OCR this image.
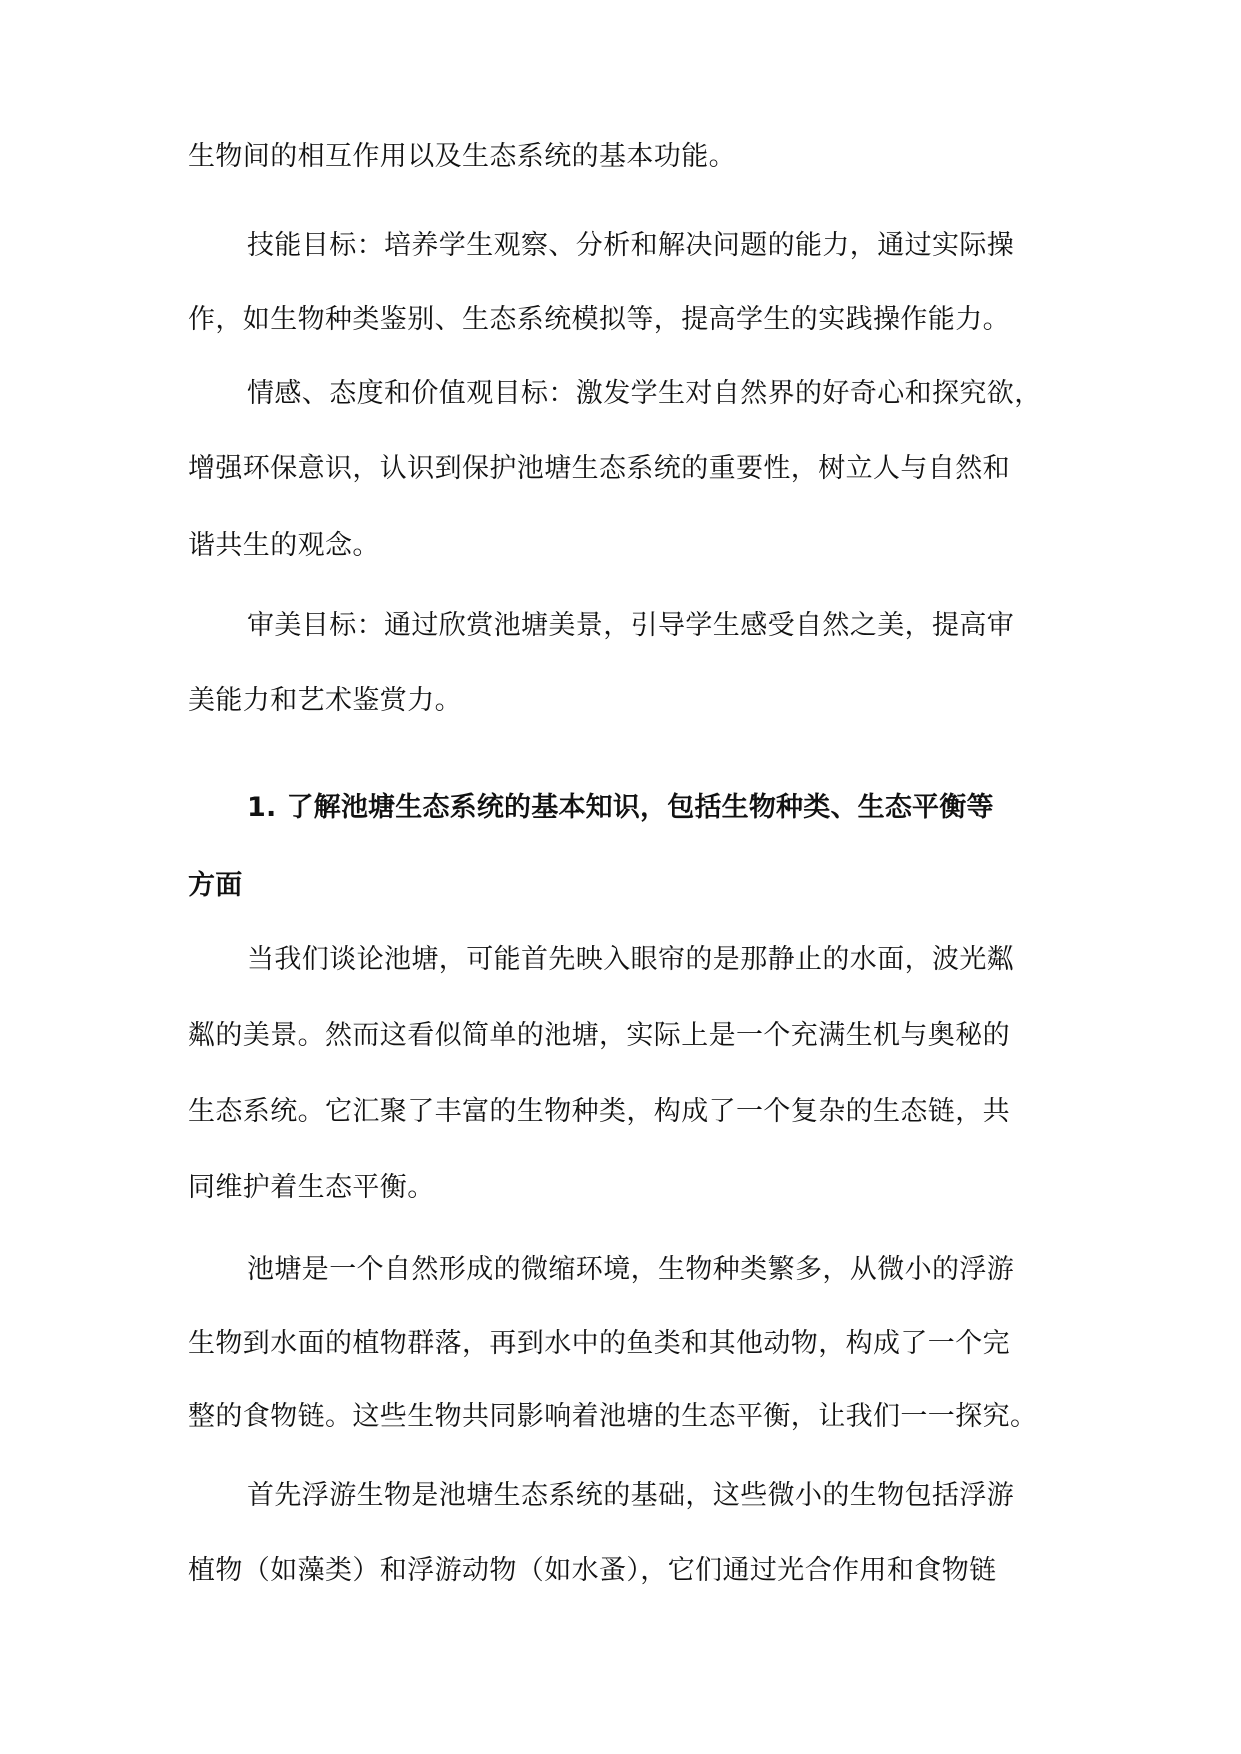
生物间的相互作用以及生态系统的基本功能。
技能目标：培养学生观察、分析和解决问题的能力，通过实际操
作，如生物种类鉴别、生态系统模拟等，提高学生的实践操作能力。
情感、态度和价值观目标：激发学生对自然界的好奇心和探究欲，
增强环保意识，认识到保护池塘生态系统的重要性，树立人与自然和
谐共生的观念。
审美目标：通过欣赏池塘美景，引导学生感受自然之美，提高审
美能力和艺术鉴赏力。
1. 了解池塘生态系统的基本知识，包括生物种类、生态平衡等
方面
当我们谈论池塘，可能首先映入眼帘的是那静止的水面，波光粼
粼的美景。然而这看似简单的池塘，实际上是一个充满生机与奥秘的
生态系统。它汇聚了丰富的生物种类，构成了一个复杂的生态链，共
同维护着生态平衡。
池塘是一个自然形成的微缩环境，生物种类繁多，从微小的浮游
生物到水面的植物群落，再到水中的鱼类和其他动物，构成了一个完
整的食物链。这些生物共同影响着池塘的生态平衡，让我们一一探究。
首先浮游生物是池塘生态系统的基础，这些微小的生物包括浮游
植物（如藻类）和浮游动物（如水蚤），它们通过光合作用和食物链
